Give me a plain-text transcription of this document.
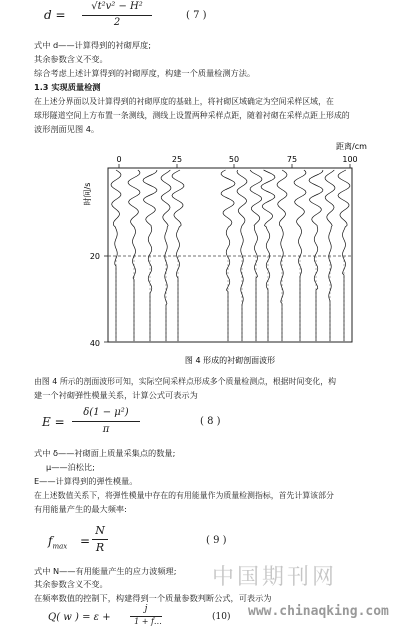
d =
√t²v² − H²
2
( 7 )
式中 d——计算得到的衬砌厚度;
其余参数含义不变。
综合考虑上述计算得到的衬砌厚度，构建一个质量检测方法。
1.3 实现质量检测
在上述分界面以及计算得到的衬砌厚度的基础上，将衬砌区域确定为空间采样区域，在
球形隧道空间上方布置一条测线，测线上设置两种采样点距，随着衬砌在采样点距上形成的
波形剖面见图 4。
距离/cm
0	25	50	75	100
时间/s
20
40
图 4 形成的衬砌剖面波形
由图 4 所示的剖面波形可知，实际空间采样点形成多个质量检测点，根据时间变化，构
建一个衬砌弹性模量关系，计算公式可表示为
E =
δ(1 − μ²)
π
( 8 )
式中 δ——衬砌面上质量采集点的数量;
μ——泊松比;
E——计算得到的弹性模量。
在上述数值关系下，将弹性模量中存在的有用能量作为质量检测指标，首先计算该部分
有用能量产生的最大频率:
$f_{max}$ =
N
R
( 9 )
中国期刊网
式中 N——有用能量产生的应力波频理;
其余参数含义不变。
在频率数值的控制下，构建得到一个质量参数判断公式，可表示为
Q( w ) = ε +
j
1 + f…	(10) www.chinaqking.com
